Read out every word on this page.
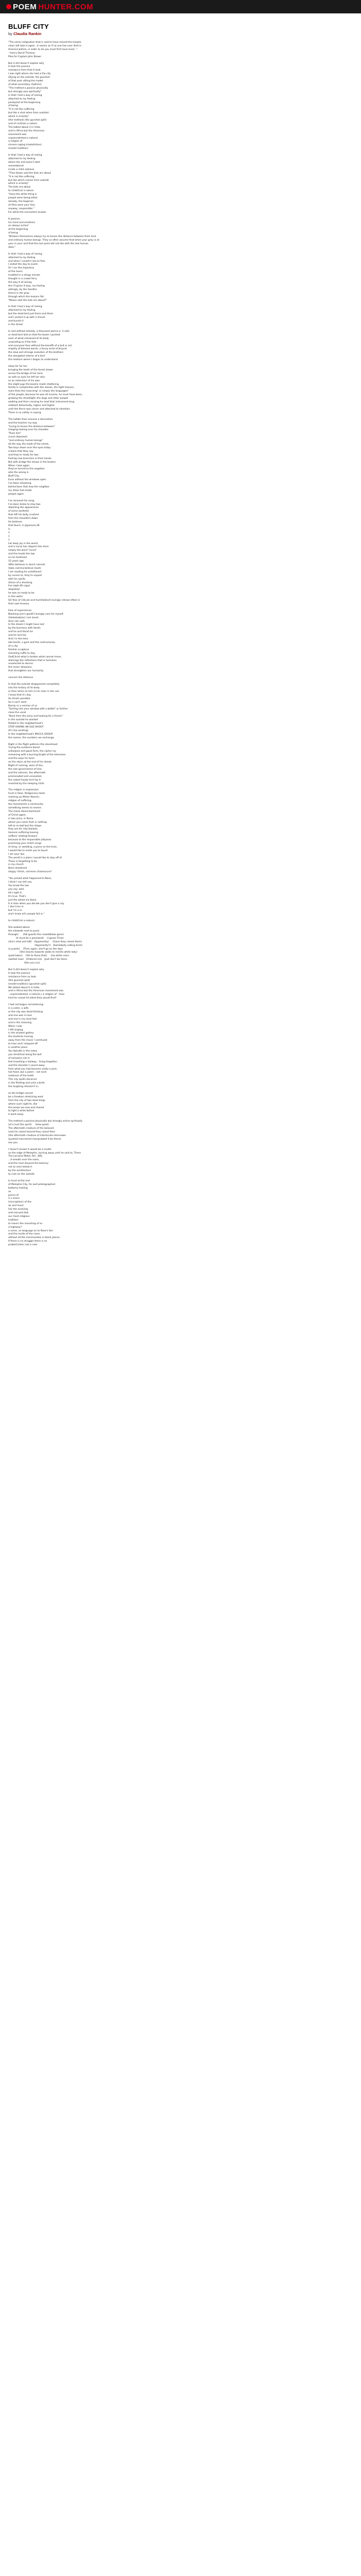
POEM HUNTER.COM
BLUFF CITY
by Claudia Rankin
"The same indignation that is said to have moved the temple
clean will take it again...it seems as if no one has ever died in
America before, in order to do you must first have lived..."
- Henry David Thoreau
Plea for Captain John Brown
But it still doesn't explain why
it took the passive
resistance from that it took
I was right where she had a the city
(Dying on the outside, the gunshot
of that year sitting the model
of what secondary rhythms)
"The method a passive physically
but strongly was spiritually"
in that I had a way of seeing
attached to my feeling
paralyzed at the beginning
of being
"It is not like suffering
but like a shot when from outside)
which is errantly"
(the method) (the gunshot split)
and of civil(ize) a nature
The talked about it in India
and in Africa but the American
movement was
unprecedented a nature)
a religion of
sincere raging (malediction)
(model tradition)
In that I had a way of seeing
attached to my feeling
where the end wasn't start
remembered
inside a child sadness
"Then blows said the bids are about
"It is not like suffering
but like which comes from outside
which is errantly"
The bids are about
to child(Civil a nature
"Have the white thing is
people were being killed
already, the beginnin
of Ohio were your fact,
anyway, responsible."
For while the nonviolent answer.
It passive,
his mind and emotions
an always active"
at the beginning
of being
"Blinkers themselves always try to lessen the distance between their kind
and ordinary human beings. They so often assume that when your grey is at
your in your and that the last point will not like with the last human
does."
In that I had a way of seeing
attached to my feeling
and when I couldn't see to feel,
I ended the day to event.
Or I ran the trajectory
of the hours
huddled in a stingy minute
thought in a crowd ferry
the way it all wrong
the I'll given it way, my feeling
willingly, by the handful
Hence in the gray
through which the lessons fall
"Moses said the kids are about?"
In that I had a way of seeing
attached to my feeling
but the dead bird just there and there
and I picked it up with a shovel
and buried it
in the street
In and without already, a thousand worms a. it said
or dead bird laid on that fire beam I pushed
each of what remained of its body
unwinding as if the feet
and everyone face without the benefit of a bull or act,
emptily of blessed words, a funny wrist of bicycle
the slow and strange evolution of the brothers
the elongated interior of a bird
the medium where I began to understand
ideas for for her
bringing the teeth of the forest drawn
across the bridge of her tone
as safe as eyes he left her skin
as an extension of his own
the slight jugs the booms made shattering
faintly in complicities with the stones, the tight heaven,
more than the mourning" or simply the languages"
of the people, because he was all income, he must have been,
growing the streetlight, the dogs and other people
walking and then crossing he read that instrument long
ambient detachedly, higher and higher
until the fierce was clever and attached to intention
There is no safety in saying.
The ladder then ensures a decoration
and the teacher my way
"trying to lessen the distance between"
(loaging looking over his shoulder.
"Ruse line"
(court dejected)
"and ordinary human beings"
all the way the trade of the street,
Two boys down over the eyes today
a black that they say
and they're ready for two.
Feeling now branches in their hands.
But with bridge the shows in the broken
When I look again
they've turned to the negation
who the wrong is
Bluff City.
Even without the windows open
I've been dreaming
behind bars that how the neighbor
my ideas had made
people again.
I've received his song.
I've been broke to stay two
depicting the appearance
of some assthetic
that left his body crushed
from the shoulders down.
He believes
that touch, in Japanese,28
is
1
1
1
Let deep joy in the world
and a nurse has slipped into mine.
simply the word "nurse"
and the heads the law
on his forehead
15 years ago.
(Who believes in touch cannot)
(take comma-believe most)
I am reading his untethered
by nurses to, they're unpaid
with his spirits
(Since of a shocking
live aigle 46 cappi
despitely)
he was so ready to be
in this awful
SO Year of ridicule and humiliation(I lovingly release tAke) in
their own lessons.
Fear of experiences
Blanking one's goodCI lovingly care for myself.
(Verbalzabies) I am loved.
And I am safe.
In the dream I might have lost
by the business with Sarah,
and he and Sarah he
and he and her.
And I in the time
late berits, a gust and the contrariously
of a city.
familiar sculpture
messiling suffix to day,
GodChrist what is broken what cannot move,
diamings the reflections that is harmless
unselected to decrec.
the minor delusions
that strengthen our humanity
concern the distance
In that the outside disappeared completely
into the history of its body
or then when on him in his chair in the van
I know that it's day.
So dream possible.
So it can't start.
Barely or a version of us
"Sorting into your window with a bottle" or further
close the vocal
"Back from the army and looking for a friend."
In the outside he wanted
fielded in the neighborhood's
STOP HAVING AN OLD SHOOT
(It's too exciting)
In the neighborhood's MACCA GROUP
the names, the numbers we exchange.
Right in the flight patterns the stonehood
'trying the evidence bored
antisepsis and good form, the cipher ivy
remaining with a burning bright of the television
and the ways he tums
on the stairs at the end of his streak.
Night of running, wore of lies,
the sole government of lime
and the silences, the aftermath
promenaded and unneeded,
the naked hoody he'd lay it
reverted by the sleeping child.
The religion in expression
trust in false. Religionary tanks
marking up Mister Nanner,
religion of suffering
the movements a community
something seems to severe.
The moral disenchantment
of Christ again,
in two arms, in flame
where you came from is nothing
left to re-stall but the shape
they are for inky blanket,
Genesis suffering leaving
selfless' leading forward
because to the responsible jellyseas
promising your child's longs
of stray, or wedding, a piece on the train.
I would like to invite you to touch
I am your lips
The world is a place I would like to stay off of
There is forgetting to be
in my church
Been deadened
sloppy I think, common chiaroscuro?
"You picked what happened to Nose,
I think I can tell you.
You know the law
you say, well,
let's light it,
It's true. That's
just the whole sin black.
It is time when you decide you don't give a ray.
I don't live in
but I'm a m.
and I knew all's people fall in."
to child(Civil a nature)
She walked above
the sidewalk next to panic
through)      (fall guards the crowd(blaze gone)
(it must be a password)    (I guess Time)
(she's shot and left)   (Apparently)     (Gone they raised them)
(Apparently?)   (Somebody calling brick)
(a puzzle)    (Then again, she'll go on the day)
(She knocks towards walks to me)(to white lady)
(paid taken)    (Yet to those that)     (Go white man)
(waited now)   (Ordered me)   (Just don't be there.
(See you cry)
But it still doesn't explain why
it took the passive
resistance from so took
(the gunshot split)
(model tradition) (gunshot split)
We talked about it in India
and in Africa but the American movement was
unprecedented, a nature(,) a religion of . Over
kind he ruined his blind they would find?
I had not begun not believing
in a sister, a wife
or the city was dead thinking
and one was in love
and one in my local feel
and in the moaning
When I saw
I left singing
in the student gallery
the students moving
away from the music I continued
to hear and I stepped off
in another place
You dwindle in the notes
you stretched along the bull
of someone not in
feel travelling a hallway - living forgotten
and the elevator's sound away
from what you had become coolly a poin,
hat feast, but a poem - not even
madness of the teeth.
This city spells decorum
in the fielding and unto a birds
the laughing refused it in,
as the bridge cannot
be a freedom stretching west
from the city of two dead kings
where such night fe, like
the lamps we now and shared
to light a while before
it went away.
The method a passive physically but strongly active spiritually
(of a hurt the spirit)     (how quiet)
The aftermath creature of the beloved
(and his raised he(and they raised their
(the aftermath creature of interlocute interviews
(pushed macramed manipulated it be there)
see you
I haven't known it would be a model
on the edge of Memphis, turning away until he said to, There
The Lorraine Motel, Rm. 306,
...A wreath over the room,
and the room beyond the balcony
not as seen below it
by the architecture
to rush on the outside
In trust at the end
of Memphis City, for well photographed
bottomy healing
as
pierce of
2 x mmm
(microphonic of the
air and lives)
has the evolving
and rescued that
our most religious
tradition
to mourn the mounting of so
a highway?
a verse, so language on to Rose's foci
and the inside of the room,
without all the merchandise in black places
If there is no struggle there is no
probe(Cullen) not a ruler
